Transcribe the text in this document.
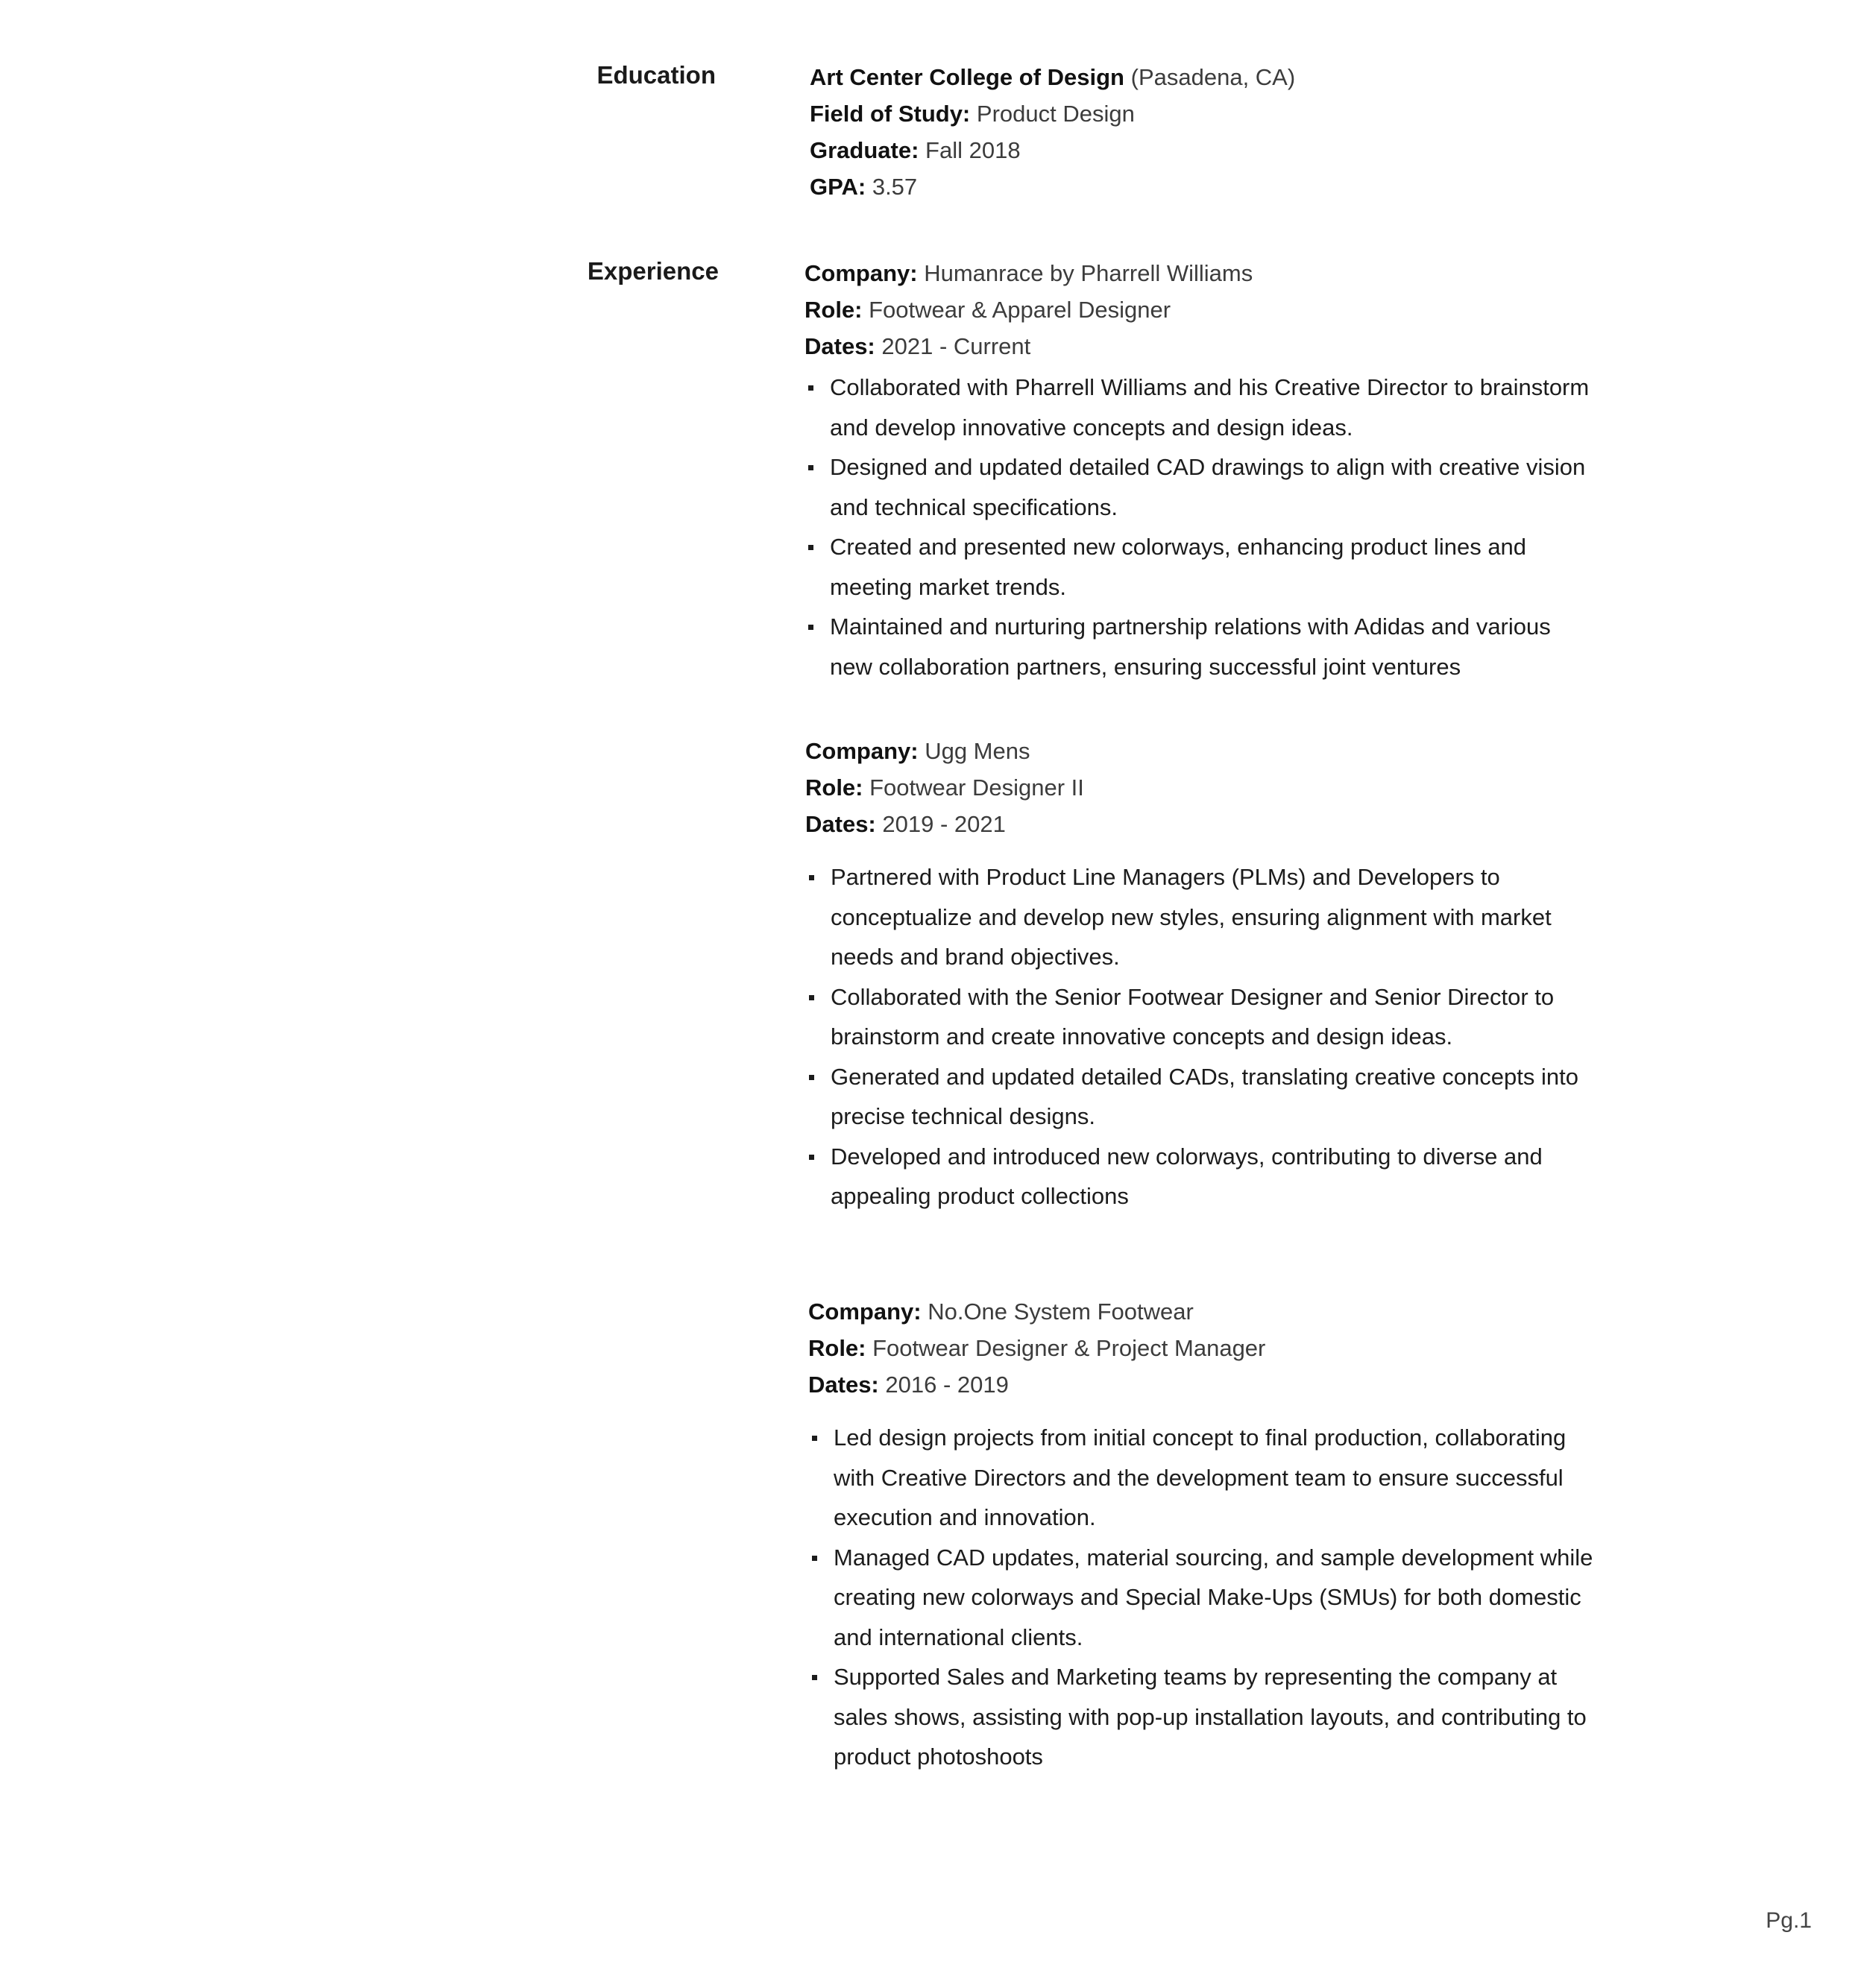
Education	Art Center College of Design (Pasadena, CA)
Field of Study: Product Design
Graduate: Fall 2018
GPA: 3.57
Experience	Company: Humanrace by Pharrell Williams
Role: Footwear & Apparel Designer
Dates: 2021 - Current
Collaborated with Pharrell Williams and his Creative Director to brainstorm and develop innovative concepts and design ideas.
Designed and updated detailed CAD drawings to align with creative vision and technical specifications.
Created and presented new colorways, enhancing product lines and meeting market trends.
Maintained and nurturing partnership relations with Adidas and various new collaboration partners, ensuring successful joint ventures
Company: Ugg Mens
Role: Footwear Designer II
Dates: 2019 - 2021
Partnered with Product Line Managers (PLMs) and Developers to conceptualize and develop new styles, ensuring alignment with market needs and brand objectives.
Collaborated with the Senior Footwear Designer and Senior Director to brainstorm and create innovative concepts and design ideas.
Generated and updated detailed CADs, translating creative concepts into precise technical designs.
Developed and introduced new colorways, contributing to diverse and appealing product collections
Company: No.One System Footwear
Role: Footwear Designer & Project Manager
Dates: 2016 - 2019
Led design projects from initial concept to final production, collaborating with Creative Directors and the development team to ensure successful execution and innovation.
Managed CAD updates, material sourcing, and sample development while creating new colorways and Special Make-Ups (SMUs) for both domestic and international clients.
Supported Sales and Marketing teams by representing the company at sales shows, assisting with pop-up installation layouts, and contributing to product photoshoots
Pg.1
